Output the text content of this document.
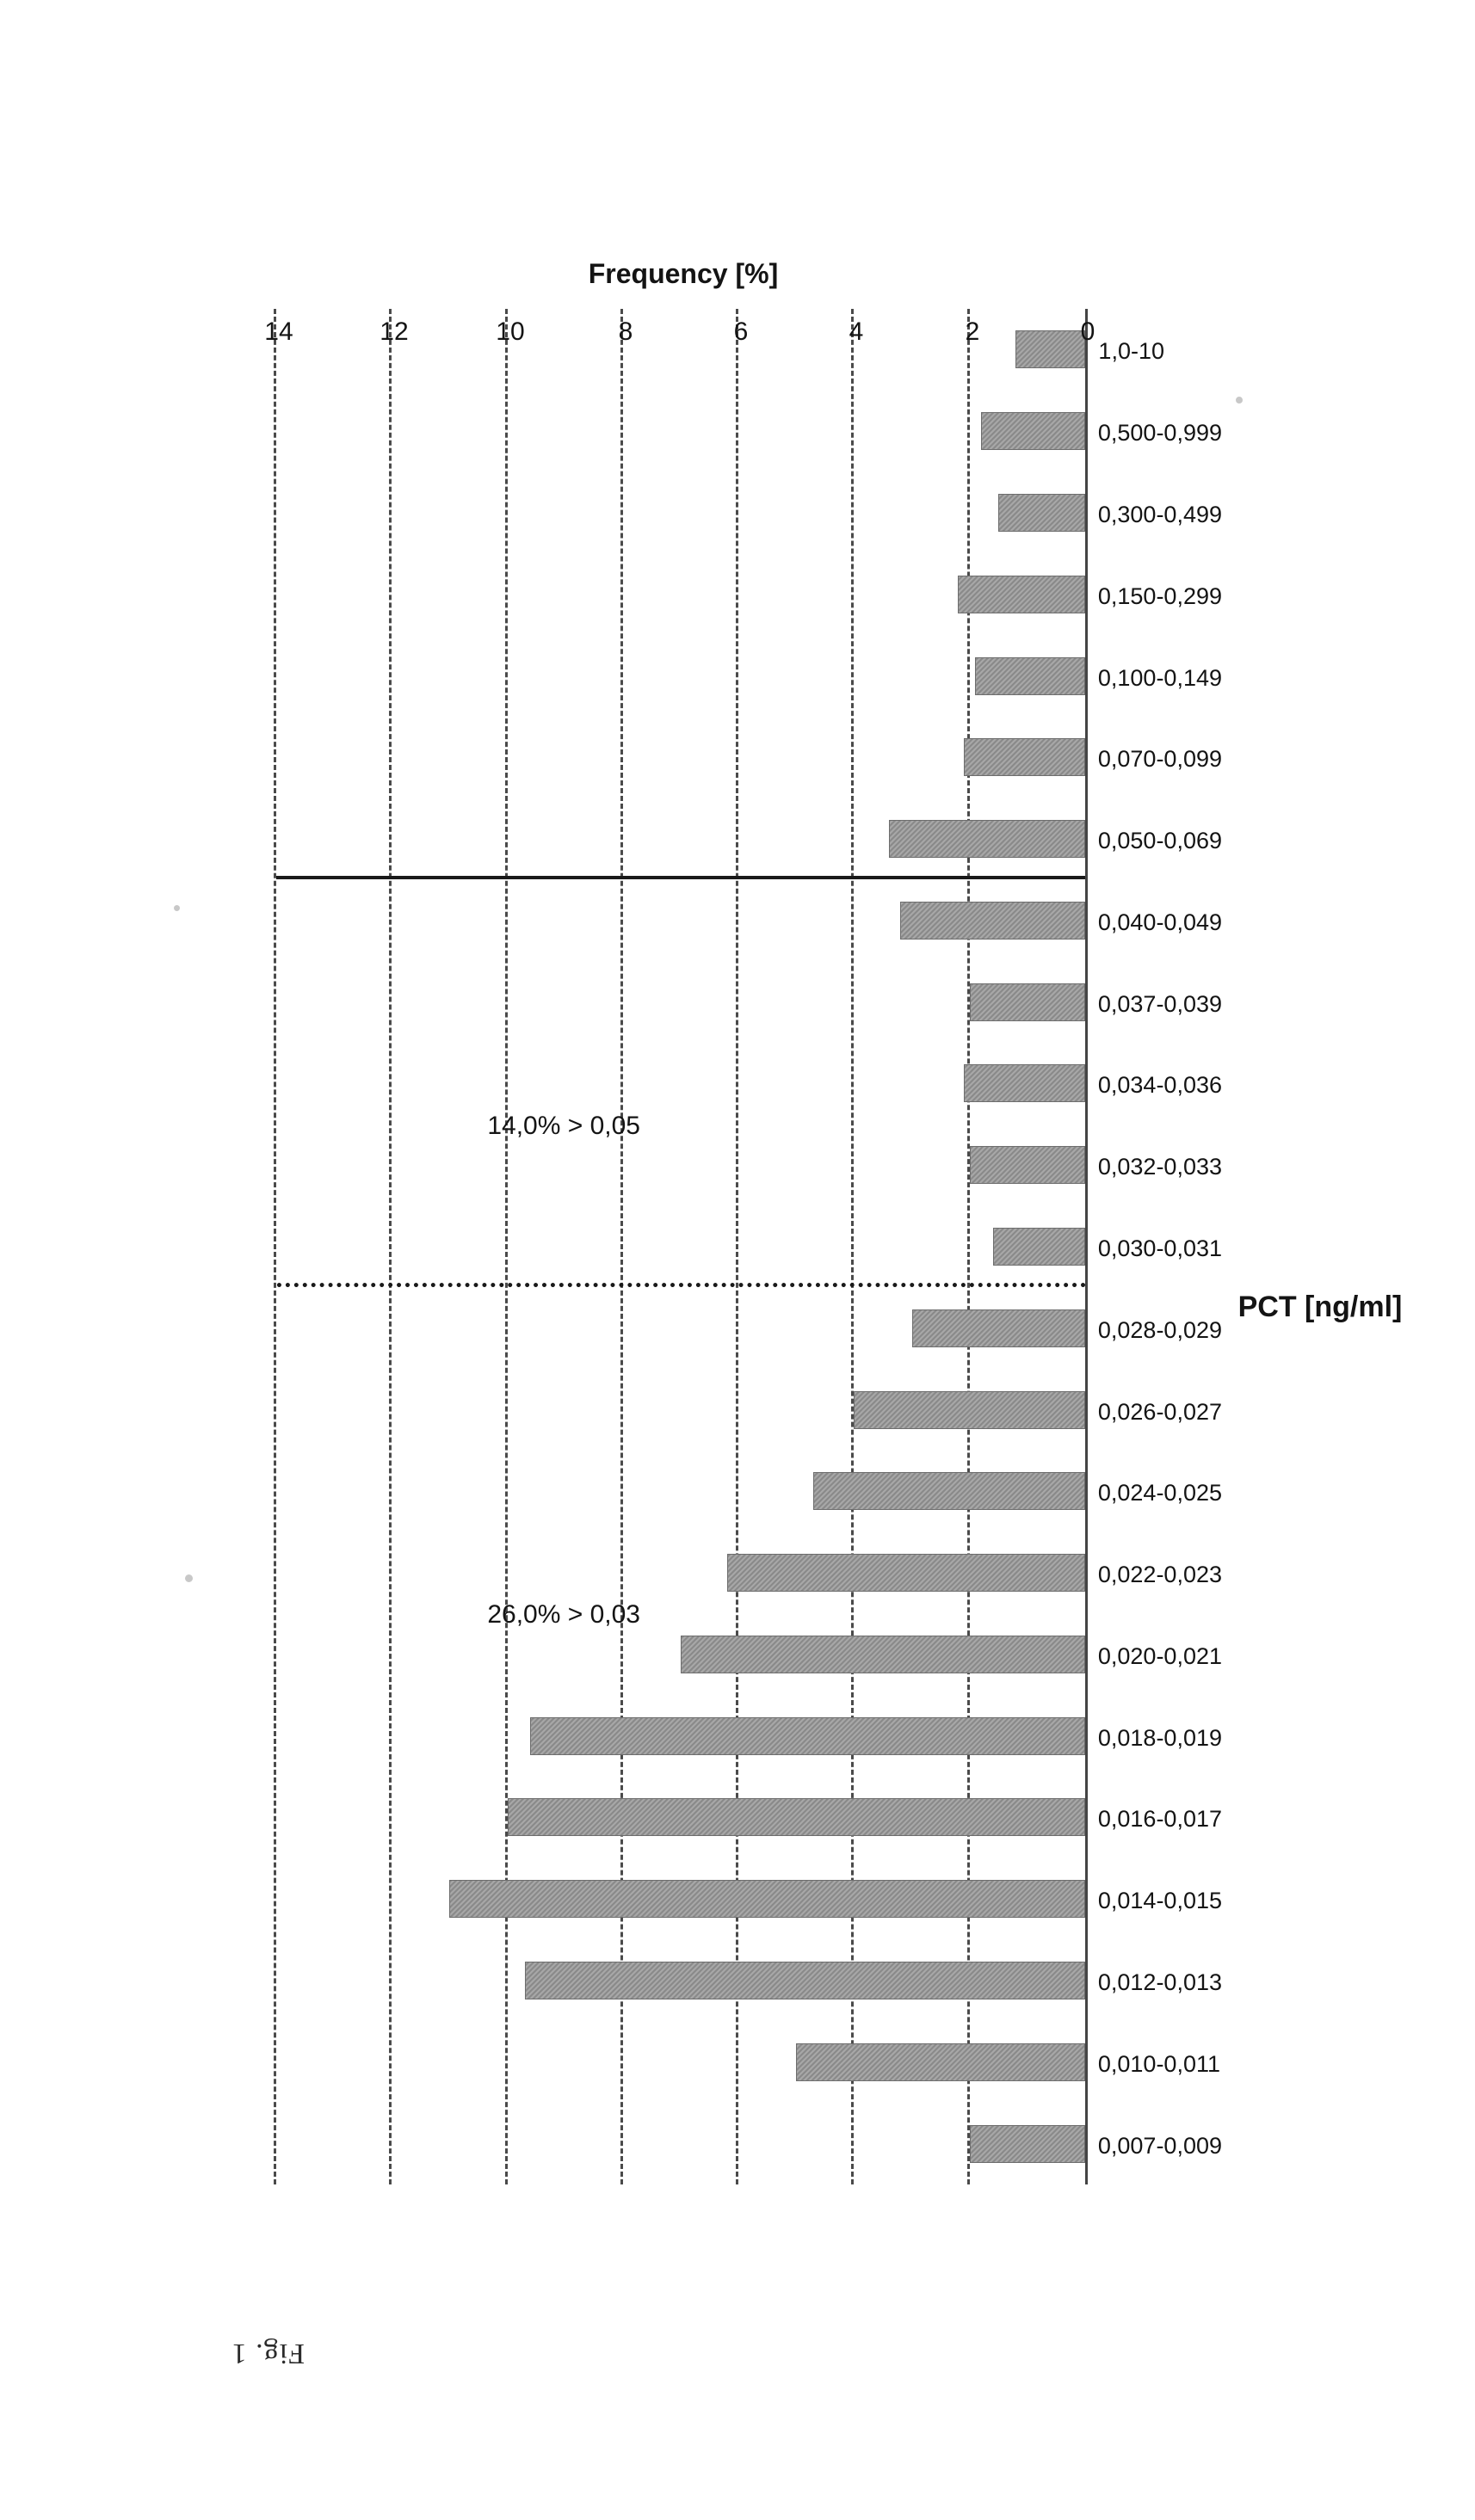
Fig. 1
PCT [ng/ml]
Frequency [%]
0
2
4
6
8
10
12
14
0,007-0,009
0,010-0,011
0,012-0,013
0,014-0,015
0,016-0,017
0,018-0,019
0,020-0,021
0,022-0,023
0,024-0,025
0,026-0,027
0,028-0,029
0,030-0,031
0,032-0,033
0,034-0,036
0,037-0,039
0,040-0,049
0,050-0,069
0,070-0,099
0,100-0,149
0,150-0,299
0,300-0,499
0,500-0,999
1,0-10
26,0% > 0,03
14,0% > 0,05
